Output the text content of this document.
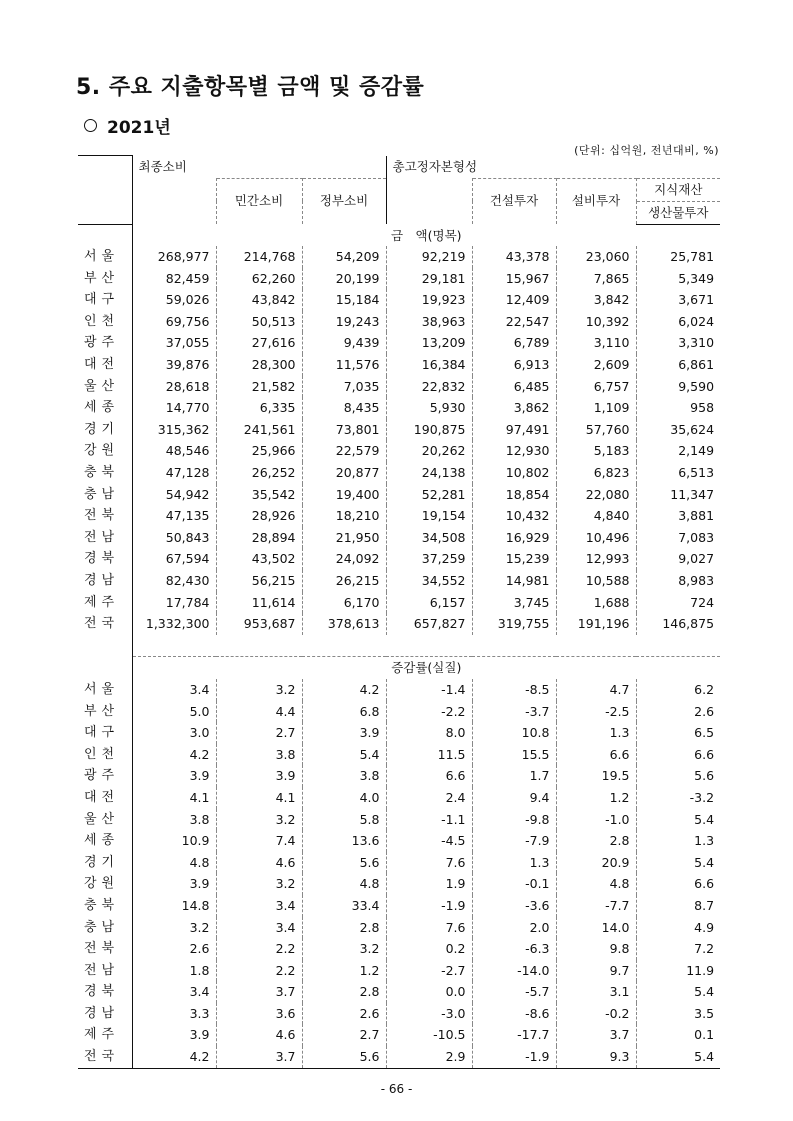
5. 주요 지출항목별 금액 및 증감률
2021년
(단위: 십억원, 전년대비, %)
	최종소비			총고정자본형성			
		민간소비	정부소비		건설투자	설비투자	지식재산
							생산물투자
	금　액(명목)						
서울	268,977	214,768	54,209	92,219	43,378	23,060	25,781
부산	82,459	62,260	20,199	29,181	15,967	7,865	5,349
대구	59,026	43,842	15,184	19,923	12,409	3,842	3,671
인천	69,756	50,513	19,243	38,963	22,547	10,392	6,024
광주	37,055	27,616	9,439	13,209	6,789	3,110	3,310
대전	39,876	28,300	11,576	16,384	6,913	2,609	6,861
울산	28,618	21,582	7,035	22,832	6,485	6,757	9,590
세종	14,770	6,335	8,435	5,930	3,862	1,109	958
경기	315,362	241,561	73,801	190,875	97,491	57,760	35,624
강원	48,546	25,966	22,579	20,262	12,930	5,183	2,149
충북	47,128	26,252	20,877	24,138	10,802	6,823	6,513
충남	54,942	35,542	19,400	52,281	18,854	22,080	11,347
전북	47,135	28,926	18,210	19,154	10,432	4,840	3,881
전남	50,843	28,894	21,950	34,508	16,929	10,496	7,083
경북	67,594	43,502	24,092	37,259	15,239	12,993	9,027
경남	82,430	56,215	26,215	34,552	14,981	10,588	8,983
제주	17,784	11,614	6,170	6,157	3,745	1,688	724
전국	1,332,300	953,687	378,613	657,827	319,755	191,196	146,875

	증감률(실질)						
서울	3.4	3.2	4.2	-1.4	-8.5	4.7	6.2
부산	5.0	4.4	6.8	-2.2	-3.7	-2.5	2.6
대구	3.0	2.7	3.9	8.0	10.8	1.3	6.5
인천	4.2	3.8	5.4	11.5	15.5	6.6	6.6
광주	3.9	3.9	3.8	6.6	1.7	19.5	5.6
대전	4.1	4.1	4.0	2.4	9.4	1.2	-3.2
울산	3.8	3.2	5.8	-1.1	-9.8	-1.0	5.4
세종	10.9	7.4	13.6	-4.5	-7.9	2.8	1.3
경기	4.8	4.6	5.6	7.6	1.3	20.9	5.4
강원	3.9	3.2	4.8	1.9	-0.1	4.8	6.6
충북	14.8	3.4	33.4	-1.9	-3.6	-7.7	8.7
충남	3.2	3.4	2.8	7.6	2.0	14.0	4.9
전북	2.6	2.2	3.2	0.2	-6.3	9.8	7.2
전남	1.8	2.2	1.2	-2.7	-14.0	9.7	11.9
경북	3.4	3.7	2.8	0.0	-5.7	3.1	5.4
경남	3.3	3.6	2.6	-3.0	-8.6	-0.2	3.5
제주	3.9	4.6	2.7	-10.5	-17.7	3.7	0.1
전국	4.2	3.7	5.6	2.9	-1.9	9.3	5.4
- 66 -
